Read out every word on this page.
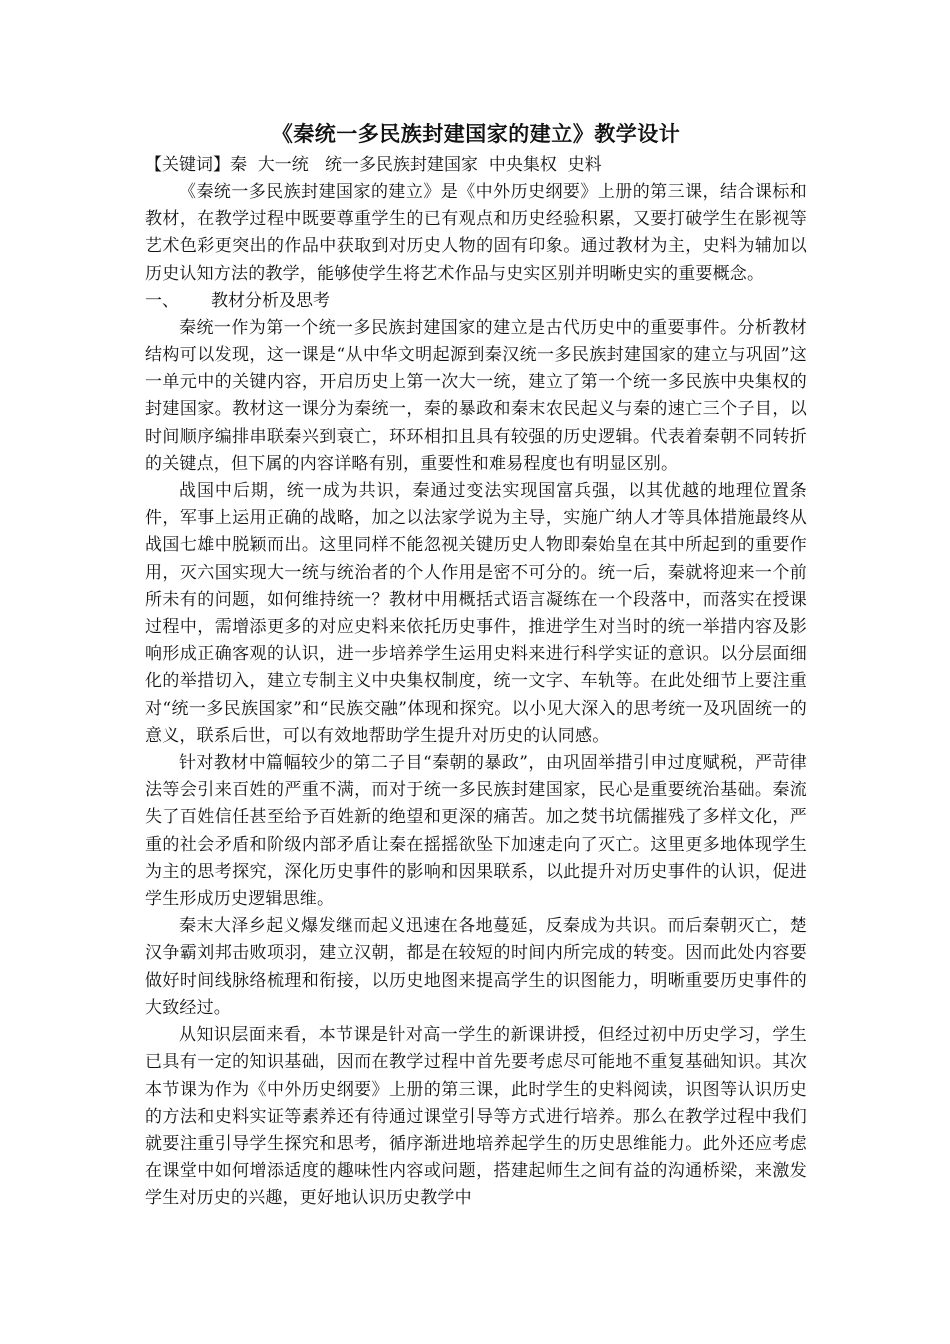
《秦统一多民族封建国家的建立》教学设计

【关键词】秦  大一统   统一多民族封建国家  中央集权  史料

《秦统一多民族封建国家的建立》是《中外历史纲要》上册的第三课，结合课标和教材，在教学过程中既要尊重学生的已有观点和历史经验积累，又要打破学生在影视等艺术色彩更突出的作品中获取到对历史人物的固有印象。通过教材为主，史料为辅加以历史认知方法的教学，能够使学生将艺术作品与史实区别并明晰史实的重要概念。

一、	教材分析及思考

秦统一作为第一个统一多民族封建国家的建立是古代历史中的重要事件。分析教材结构可以发现，这一课是“从中华文明起源到秦汉统一多民族封建国家的建立与巩固”这一单元中的关键内容，开启历史上第一次大一统，建立了第一个统一多民族中央集权的封建国家。教材这一课分为秦统一，秦的暴政和秦末农民起义与秦的速亡三个子目，以时间顺序编排串联秦兴到衰亡，环环相扣且具有较强的历史逻辑。代表着秦朝不同转折的关键点，但下属的内容详略有别，重要性和难易程度也有明显区别。

战国中后期，统一成为共识，秦通过变法实现国富兵强，以其优越的地理位置条件，军事上运用正确的战略，加之以法家学说为主导，实施广纳人才等具体措施最终从战国七雄中脱颖而出。这里同样不能忽视关键历史人物即秦始皇在其中所起到的重要作用，灭六国实现大一统与统治者的个人作用是密不可分的。统一后，秦就将迎来一个前所未有的问题，如何维持统一？教材中用概括式语言凝练在一个段落中，而落实在授课过程中，需增添更多的对应史料来依托历史事件，推进学生对当时的统一举措内容及影响形成正确客观的认识，进一步培养学生运用史料来进行科学实证的意识。以分层面细化的举措切入，建立专制主义中央集权制度，统一文字、车轨等。在此处细节上要注重对“统一多民族国家”和“民族交融”体现和探究。以小见大深入的思考统一及巩固统一的意义，联系后世，可以有效地帮助学生提升对历史的认同感。

针对教材中篇幅较少的第二子目“秦朝的暴政”，由巩固举措引申过度赋税，严苛律法等会引来百姓的严重不满，而对于统一多民族封建国家，民心是重要统治基础。秦流失了百姓信任甚至给予百姓新的绝望和更深的痛苦。加之焚书坑儒摧残了多样文化，严重的社会矛盾和阶级内部矛盾让秦在摇摇欲坠下加速走向了灭亡。这里更多地体现学生为主的思考探究，深化历史事件的影响和因果联系，以此提升对历史事件的认识，促进学生形成历史逻辑思维。

秦末大泽乡起义爆发继而起义迅速在各地蔓延，反秦成为共识。而后秦朝灭亡，楚汉争霸刘邦击败项羽，建立汉朝，都是在较短的时间内所完成的转变。因而此处内容要做好时间线脉络梳理和衔接，以历史地图来提高学生的识图能力，明晰重要历史事件的大致经过。

从知识层面来看，本节课是针对高一学生的新课讲授，但经过初中历史学习，学生已具有一定的知识基础，因而在教学过程中首先要考虑尽可能地不重复基础知识。其次本节课为作为《中外历史纲要》上册的第三课，此时学生的史料阅读，识图等认识历史的方法和史料实证等素养还有待通过课堂引导等方式进行培养。那么在教学过程中我们就要注重引导学生探究和思考，循序渐进地培养起学生的历史思维能力。此外还应考虑在课堂中如何增添适度的趣味性内容或问题，搭建起师生之间有益的沟通桥梁，来激发学生对历史的兴趣，更好地认识历史教学中
